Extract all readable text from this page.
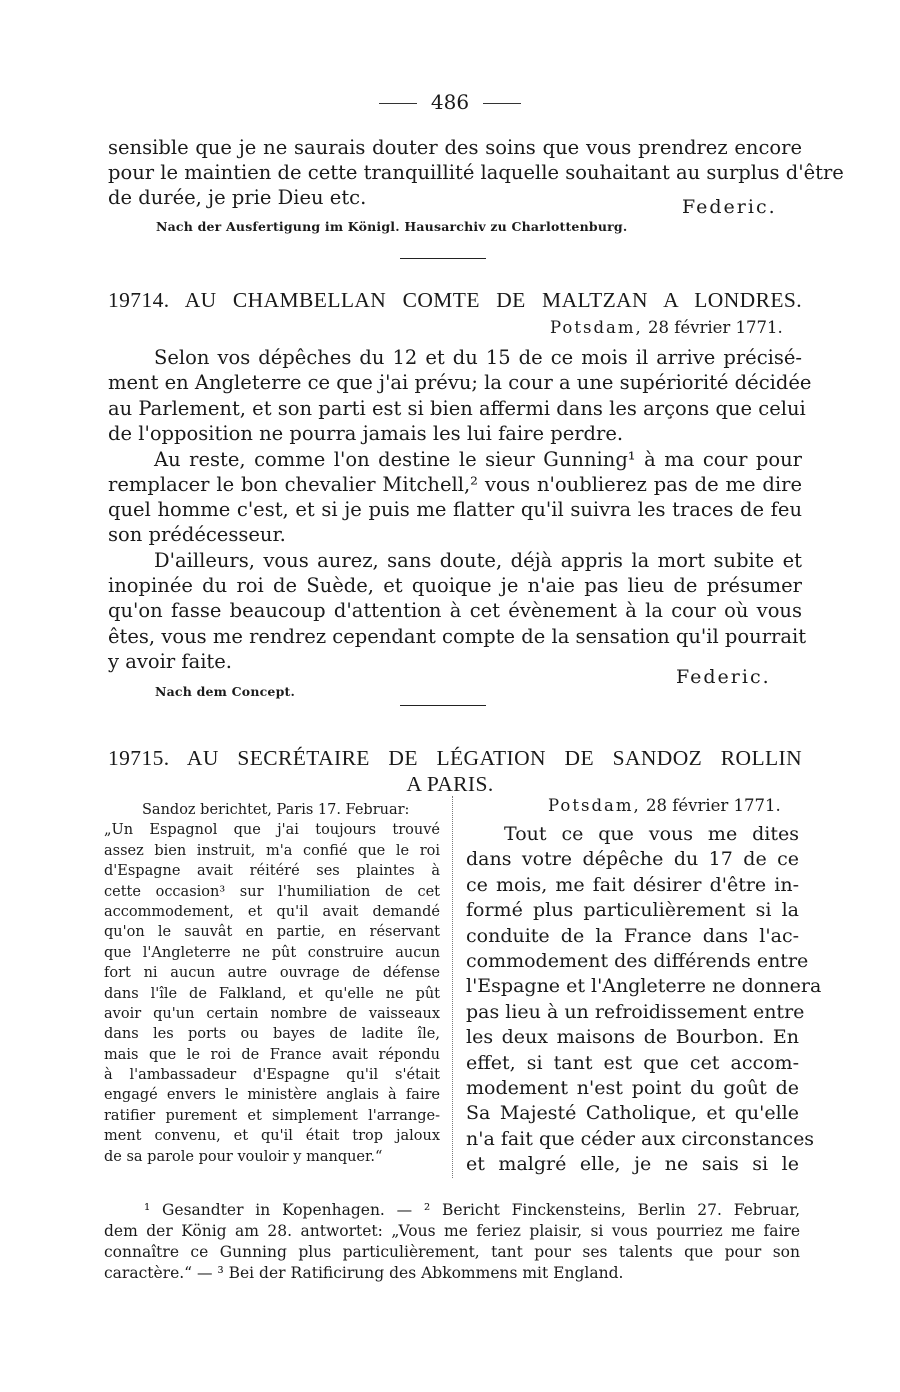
486
sensible que je ne saurais douter des soins que vous prendrez encore
pour le maintien de cette tranquillité laquelle souhaitant au surplus d'être
de durée, je prie Dieu etc.	Federic.
Nach der Ausfertigung im Königl. Hausarchiv zu Charlottenburg.
19714. AU CHAMBELLAN COMTE DE MALTZAN A LONDRES.
Potsdam, 28 février 1771.
Selon vos dépêches du 12 et du 15 de ce mois il arrive précisé-
ment en Angleterre ce que j'ai prévu; la cour a une supériorité décidée
au Parlement, et son parti est si bien affermi dans les arçons que celui
de l'opposition ne pourra jamais les lui faire perdre.
Au reste, comme l'on destine le sieur Gunning¹ à ma cour pour
remplacer le bon chevalier Mitchell,² vous n'oublierez pas de me dire
quel homme c'est, et si je puis me flatter qu'il suivra les traces de feu
son prédécesseur.
D'ailleurs, vous aurez, sans doute, déjà appris la mort subite et
inopinée du roi de Suède, et quoique je n'aie pas lieu de présumer
qu'on fasse beaucoup d'attention à cet évènement à la cour où vous
êtes, vous me rendrez cependant compte de la sensation qu'il pourrait
y avoir faite.
Federic.
Nach dem Concept.
19715. AU SECRÉTAIRE DE LÉGATION DE SANDOZ ROLLIN
A PARIS.
Sandoz berichtet, Paris 17. Februar:
„Un Espagnol que j'ai toujours trouvé
assez bien instruit, m'a confié que le roi
d'Espagne avait réitéré ses plaintes à
cette occasion³ sur l'humiliation de cet
accommodement, et qu'il avait demandé
qu'on le sauvât en partie, en réservant
que l'Angleterre ne pût construire aucun
fort ni aucun autre ouvrage de défense
dans l'île de Falkland, et qu'elle ne pût
avoir qu'un certain nombre de vaisseaux
dans les ports ou bayes de ladite île,
mais que le roi de France avait répondu
à l'ambassadeur d'Espagne qu'il s'était
engagé envers le ministère anglais à faire
ratifier purement et simplement l'arrange-
ment convenu, et qu'il était trop jaloux
de sa parole pour vouloir y manquer.“
Potsdam, 28 février 1771.
Tout ce que vous me dites
dans votre dépêche du 17 de ce
ce mois, me fait désirer d'être in-
formé plus particulièrement si la
conduite de la France dans l'ac-
commodement des différends entre
l'Espagne et l'Angleterre ne donnera
pas lieu à un refroidissement entre
les deux maisons de Bourbon. En
effet, si tant est que cet accom-
modement n'est point du goût de
Sa Majesté Catholique, et qu'elle
n'a fait que céder aux circonstances
et malgré elle, je ne sais si le
¹ Gesandter in Kopenhagen. — ² Bericht Finckensteins, Berlin 27. Februar,
dem der König am 28. antwortet: „Vous me feriez plaisir, si vous pourriez me faire
connaître ce Gunning plus particulièrement, tant pour ses talents que pour son
caractère.“ — ³ Bei der Ratificirung des Abkommens mit England.
